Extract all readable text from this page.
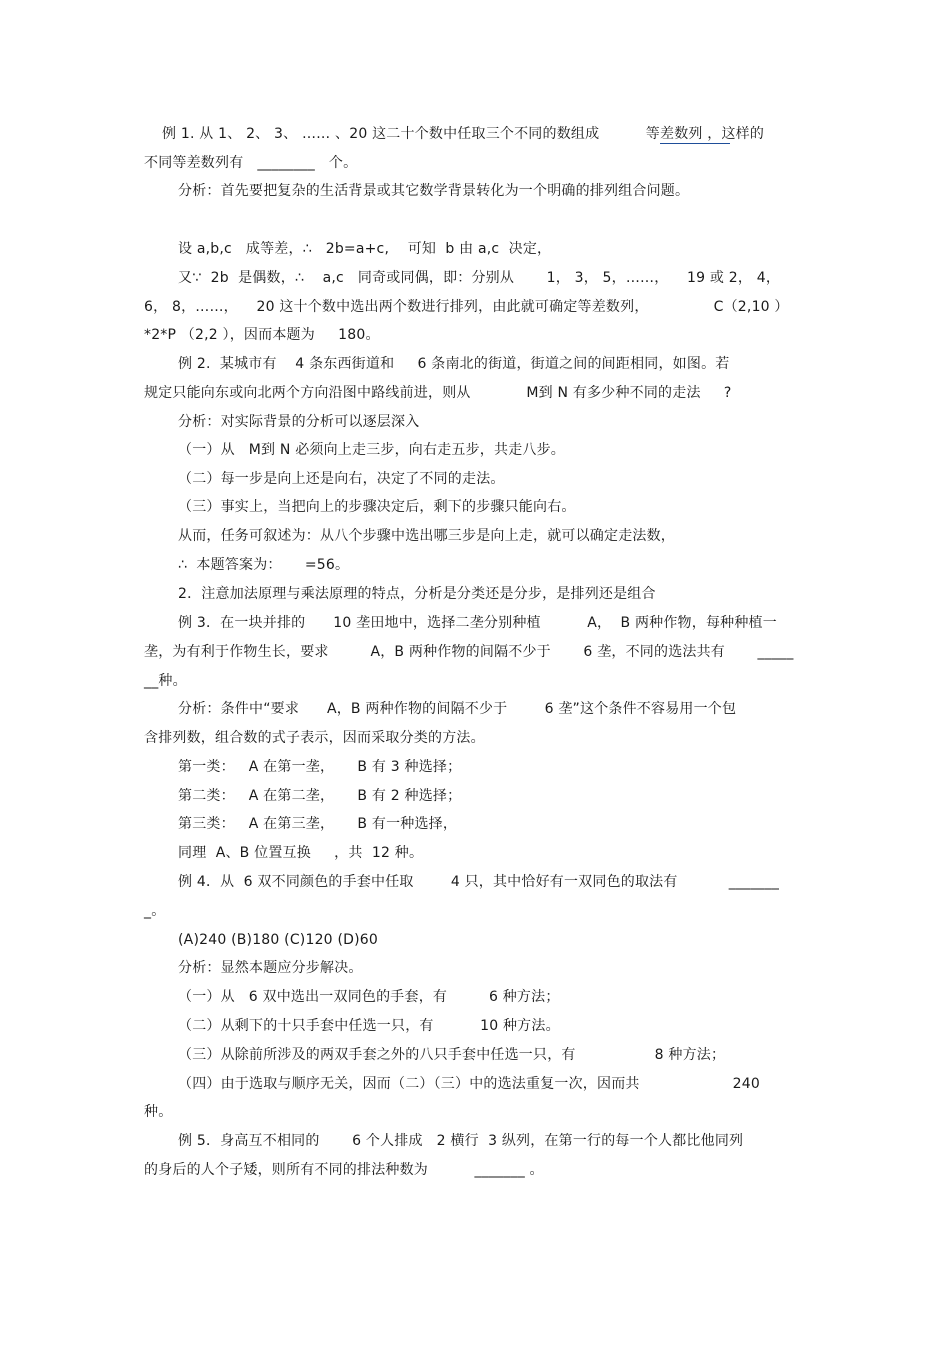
例 1. 从 1、 2、 3、 …… 、20 这二十个数中任取三个不同的数组成          等差数列 ，这样的
不同等差数列有   ________   个。
分析：首先要把复杂的生活背景或其它数学背景转化为一个明确的排列组合问题。
设 a,b,c   成等差，∴   2b=a+c,    可知  b 由 a,c  决定，
又∵  2b  是偶数，∴    a,c   同奇或同偶，即：分别从       1， 3， 5，……，    19 或 2， 4，
6， 8，……，    20 这十个数中选出两个数进行排列，由此就可确定等差数列，              C（2,10 ）
*2*P （2,2 ），因而本题为     180。
例 2.  某城市有    4 条东西街道和     6 条南北的街道，街道之间的间距相同，如图。若
规定只能向东或向北两个方向沿图中路线前进，则从            M到 N 有多少种不同的走法     ?
分析：对实际背景的分析可以逐层深入
（一）从   M到 N 必须向上走三步，向右走五步，共走八步。
（二）每一步是向上还是向右，决定了不同的走法。
（三）事实上，当把向上的步骤决定后，剩下的步骤只能向右。
从而，任务可叙述为：从八个步骤中选出哪三步是向上走，就可以确定走法数，
∴  本题答案为：     =56。
2．注意加法原理与乘法原理的特点，分析是分类还是分步，是排列还是组合
例 3．在一块并排的      10 垄田地中，选择二垄分别种植          A，  B 两种作物，每种种植一
垄，为有利于作物生长，要求         A，B 两种作物的间隔不少于       6 垄，不同的选法共有       _____
__种。
分析：条件中“要求      A，B 两种作物的间隔不少于        6 垄”这个条件不容易用一个包
含排列数，组合数的式子表示，因而采取分类的方法。
第一类：   A 在第一垄，     B 有 3 种选择；
第二类：   A 在第二垄，     B 有 2 种选择；
第三类：   A 在第三垄，     B 有一种选择，
同理  A、B 位置互换     ，共  12 种。
例 4．从  6 双不同颜色的手套中任取        4 只，其中恰好有一双同色的取法有           _______
_。
(A)240 (B)180 (C)120 (D)60
分析：显然本题应分步解决。
（一）从   6 双中选出一双同色的手套，有         6 种方法；
（二）从剩下的十只手套中任选一只，有          10 种方法。
（三）从除前所涉及的两双手套之外的八只手套中任选一只，有                 8 种方法；
（四）由于选取与顺序无关，因而（二）（三）中的选法重复一次，因而共                    240
种。
例 5．身高互不相同的       6 个人排成   2 横行  3 纵列，在第一行的每一个人都比他同列
的身后的人个子矮，则所有不同的排法种数为          _______ 。
